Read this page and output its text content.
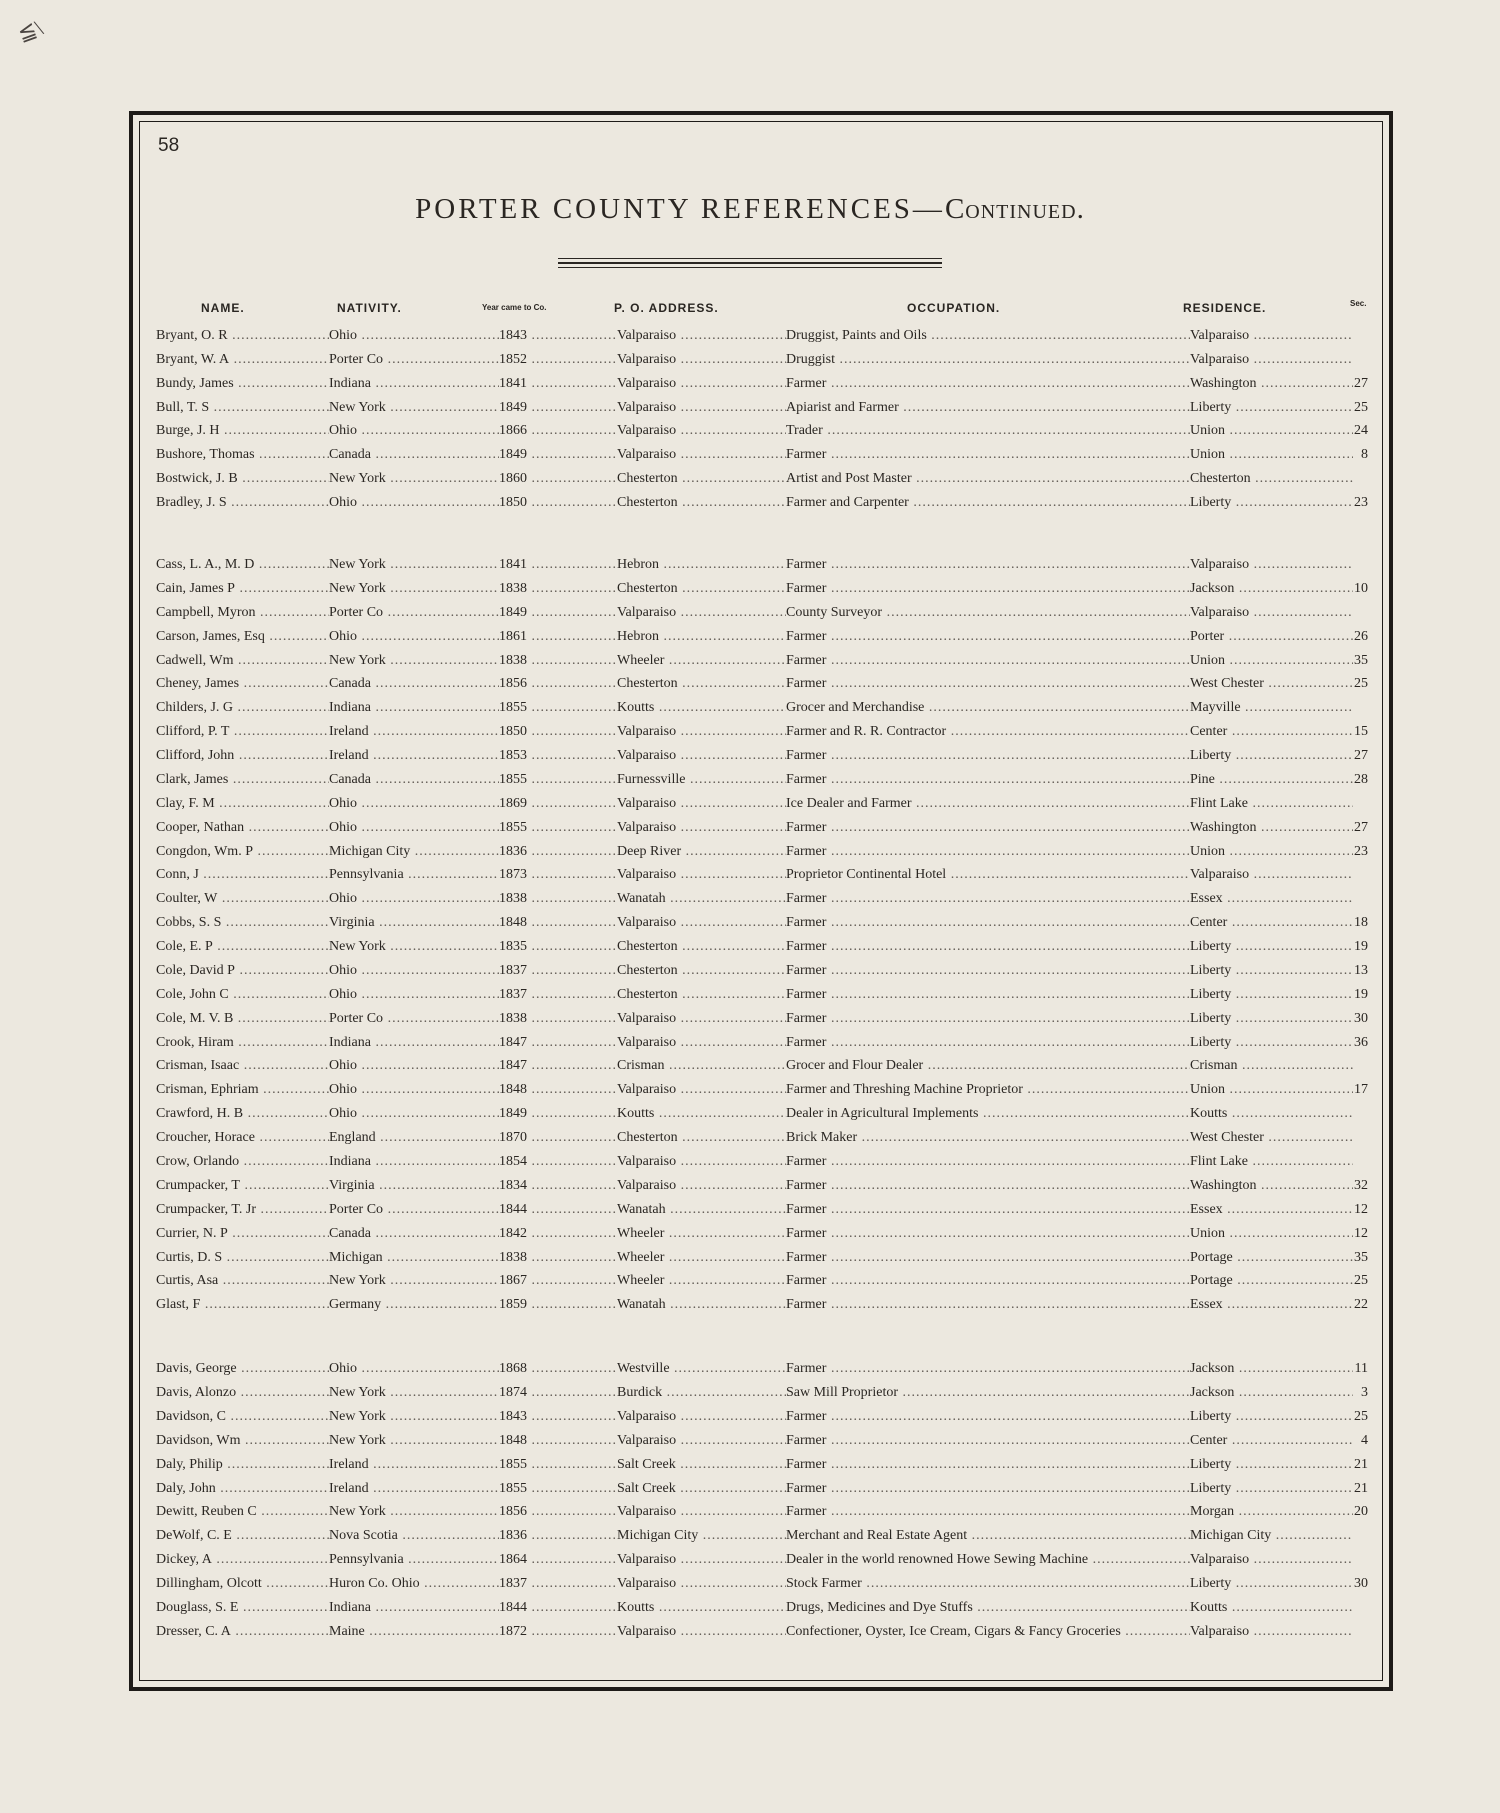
≦\
58
PORTER COUNTY REFERENCES—Continued.
NAME.	NATIVITY.	Year came to Co.	P. O. ADDRESS.	OCCUPATION.	RESIDENCE.	Sec.
Bryant, O. R .....	Ohio .....	1843 .....	Valparaiso .....	Druggist, Paints and Oils .....	Valparaiso .....
Bryant, W. A .....	Porter Co .....	1852 .....	Valparaiso .....	Druggist .....	Valparaiso .....
Bundy, James .....	Indiana .....	1841 .....	Valparaiso .....	Farmer .....	Washington .....	27
Bull, T. S .....	New York .....	1849 .....	Valparaiso .....	Apiarist and Farmer .....	Liberty .....	25
Burge, J. H .....	Ohio .....	1866 .....	Valparaiso .....	Trader .....	Union .....	24
Bushore, Thomas .....	Canada .....	1849 .....	Valparaiso .....	Farmer .....	Union .....	8
Bostwick, J. B .....	New York .....	1860 .....	Chesterton .....	Artist and Post Master .....	Chesterton .....
Bradley, J. S .....	Ohio .....	1850 .....	Chesterton .....	Farmer and Carpenter .....	Liberty .....	23
Cass, L. A., M. D .....	New York .....	1841 .....	Hebron .....	Farmer .....	Valparaiso .....
Cain, James P .....	New York .....	1838 .....	Chesterton .....	Farmer .....	Jackson .....	10
Campbell, Myron .....	Porter Co .....	1849 .....	Valparaiso .....	County Surveyor .....	Valparaiso .....
Carson, James, Esq .....	Ohio .....	1861 .....	Hebron .....	Farmer .....	Porter .....	26
Cadwell, Wm .....	New York .....	1838 .....	Wheeler .....	Farmer .....	Union .....	35
Cheney, James .....	Canada .....	1856 .....	Chesterton .....	Farmer .....	West Chester .....	25
Childers, J. G .....	Indiana .....	1855 .....	Koutts .....	Grocer and Merchandise .....	Mayville .....
Clifford, P. T .....	Ireland .....	1850 .....	Valparaiso .....	Farmer and R. R. Contractor .....	Center .....	15
Clifford, John .....	Ireland .....	1853 .....	Valparaiso .....	Farmer .....	Liberty .....	27
Clark, James .....	Canada .....	1855 .....	Furnessville .....	Farmer .....	Pine .....	28
Clay, F. M .....	Ohio .....	1869 .....	Valparaiso .....	Ice Dealer and Farmer .....	Flint Lake .....
Cooper, Nathan .....	Ohio .....	1855 .....	Valparaiso .....	Farmer .....	Washington .....	27
Congdon, Wm. P .....	Michigan City .....	1836 .....	Deep River .....	Farmer .....	Union .....	23
Conn, J .....	Pennsylvania .....	1873 .....	Valparaiso .....	Proprietor Continental Hotel .....	Valparaiso .....
Coulter, W .....	Ohio .....	1838 .....	Wanatah .....	Farmer .....	Essex .....
Cobbs, S. S .....	Virginia .....	1848 .....	Valparaiso .....	Farmer .....	Center .....	18
Cole, E. P .....	New York .....	1835 .....	Chesterton .....	Farmer .....	Liberty .....	19
Cole, David P .....	Ohio .....	1837 .....	Chesterton .....	Farmer .....	Liberty .....	13
Cole, John C .....	Ohio .....	1837 .....	Chesterton .....	Farmer .....	Liberty .....	19
Cole, M. V. B .....	Porter Co .....	1838 .....	Valparaiso .....	Farmer .....	Liberty .....	30
Crook, Hiram .....	Indiana .....	1847 .....	Valparaiso .....	Farmer .....	Liberty .....	36
Crisman, Isaac .....	Ohio .....	1847 .....	Crisman .....	Grocer and Flour Dealer .....	Crisman .....
Crisman, Ephriam .....	Ohio .....	1848 .....	Valparaiso .....	Farmer and Threshing Machine Proprietor .....	Union .....	17
Crawford, H. B .....	Ohio .....	1849 .....	Koutts .....	Dealer in Agricultural Implements .....	Koutts .....
Croucher, Horace .....	England .....	1870 .....	Chesterton .....	Brick Maker .....	West Chester .....
Crow, Orlando .....	Indiana .....	1854 .....	Valparaiso .....	Farmer .....	Flint Lake .....
Crumpacker, T .....	Virginia .....	1834 .....	Valparaiso .....	Farmer .....	Washington .....	32
Crumpacker, T. Jr .....	Porter Co .....	1844 .....	Wanatah .....	Farmer .....	Essex .....	12
Currier, N. P .....	Canada .....	1842 .....	Wheeler .....	Farmer .....	Union .....	12
Curtis, D. S .....	Michigan .....	1838 .....	Wheeler .....	Farmer .....	Portage .....	35
Curtis, Asa .....	New York .....	1867 .....	Wheeler .....	Farmer .....	Portage .....	25
Glast, F .....	Germany .....	1859 .....	Wanatah .....	Farmer .....	Essex .....	22
Davis, George .....	Ohio .....	1868 .....	Westville .....	Farmer .....	Jackson .....	11
Davis, Alonzo .....	New York .....	1874 .....	Burdick .....	Saw Mill Proprietor .....	Jackson .....	3
Davidson, C .....	New York .....	1843 .....	Valparaiso .....	Farmer .....	Liberty .....	25
Davidson, Wm .....	New York .....	1848 .....	Valparaiso .....	Farmer .....	Center .....	4
Daly, Philip .....	Ireland .....	1855 .....	Salt Creek .....	Farmer .....	Liberty .....	21
Daly, John .....	Ireland .....	1855 .....	Salt Creek .....	Farmer .....	Liberty .....	21
Dewitt, Reuben C .....	New York .....	1856 .....	Valparaiso .....	Farmer .....	Morgan .....	20
DeWolf, C. E .....	Nova Scotia .....	1836 .....	Michigan City .....	Merchant and Real Estate Agent .....	Michigan City .....
Dickey, A .....	Pennsylvania .....	1864 .....	Valparaiso .....	Dealer in the world renowned Howe Sewing Machine .....	Valparaiso .....
Dillingham, Olcott .....	Huron Co. Ohio .....	1837 .....	Valparaiso .....	Stock Farmer .....	Liberty .....	30
Douglass, S. E .....	Indiana .....	1844 .....	Koutts .....	Drugs, Medicines and Dye Stuffs .....	Koutts .....
Dresser, C. A .....	Maine .....	1872 .....	Valparaiso .....	Confectioner, Oyster, Ice Cream, Cigars & Fancy Groceries .....	Valparaiso .....
